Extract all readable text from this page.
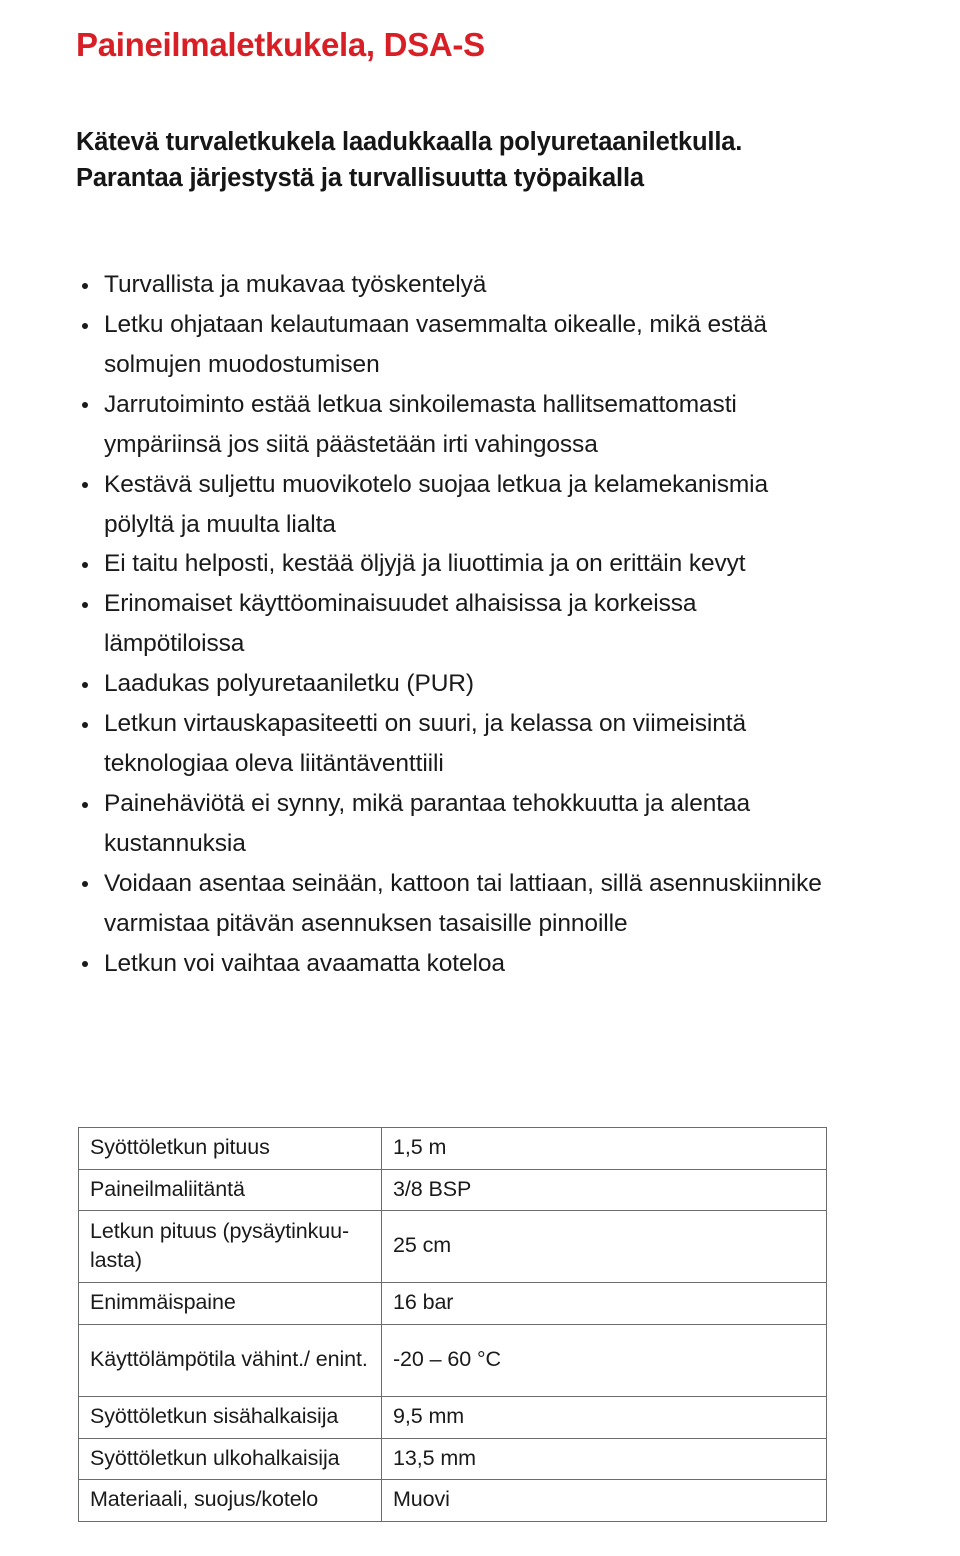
Paineilmaletkukela, DSA-S

Kätevä turvaletkukela laadukkaalla polyuretaaniletkulla. Parantaa järjestystä ja turvallisuutta työpaikalla

Turvallista ja mukavaa työskentelyä
Letku ohjataan kelautumaan vasemmalta oikealle, mikä estää solmujen muodostumisen
Jarrutoiminto estää letkua sinkoilemasta hallitsemattomasti ympäriinsä jos siitä päästetään irti vahingossa
Kestävä suljettu muovikotelo suojaa letkua ja kelamekanismia pölyltä ja muulta lialta
Ei taitu helposti, kestää öljyjä ja liuottimia ja on erittäin kevyt
Erinomaiset käyttöominaisuudet alhaisissa ja korkeissa lämpötiloissa
Laadukas polyuretaaniletku (PUR)
Letkun virtauskapasiteetti on suuri, ja kelassa on viimeisintä teknologiaa oleva liitäntäventtiili
Painehäviötä ei synny, mikä parantaa tehokkuutta ja alentaa kustannuksia
Voidaan asentaa seinään, kattoon tai lattiaan, sillä asennuskiinnike varmistaa pitävän asennuksen tasaisille pinnoille
Letkun voi vaihtaa avaamatta koteloa
Syöttöletkun pituus	1,5 m
Paineilmaliitäntä	3/8 BSP
Letkun pituus (pysäytinkuu-lasta)	25 cm
Enimmäispaine	16 bar
Käyttölämpötila vähint./ enint.	-20 – 60 °C
Syöttöletkun sisähalkaisija	9,5 mm
Syöttöletkun ulkohalkaisija	13,5 mm
Materiaali, suojus/kotelo	Muovi
